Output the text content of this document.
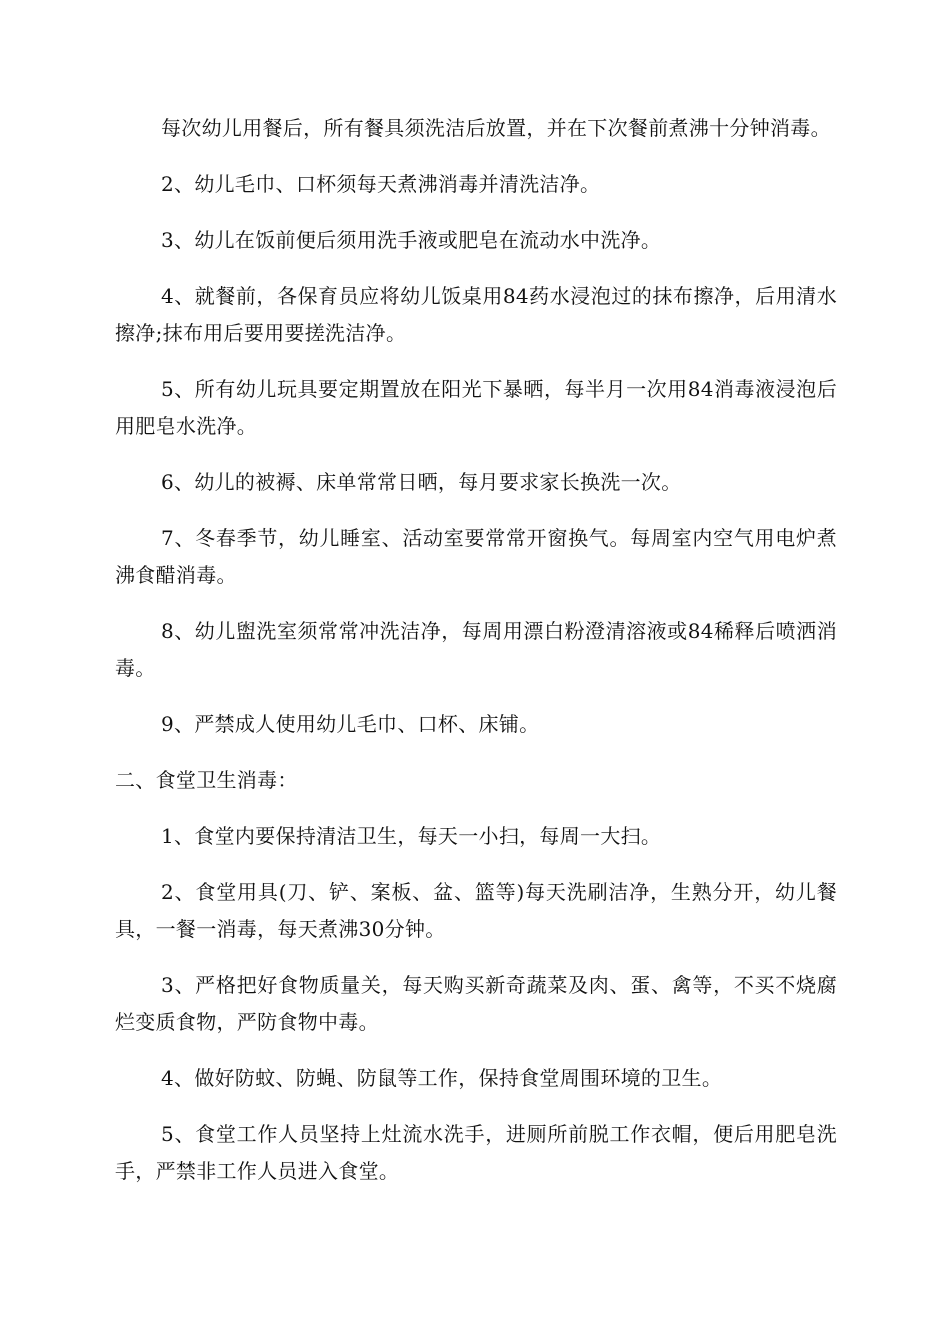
每次幼儿用餐后，所有餐具须洗洁后放置，并在下次餐前煮沸十分钟消毒。

2、幼儿毛巾、口杯须每天煮沸消毒并清洗洁净。

3、幼儿在饭前便后须用洗手液或肥皂在流动水中洗净。

4、就餐前，各保育员应将幼儿饭桌用84药水浸泡过的抹布擦净，后用清水擦净;抹布用后要用要搓洗洁净。

5、所有幼儿玩具要定期置放在阳光下暴晒，每半月一次用84消毒液浸泡后用肥皂水洗净。

6、幼儿的被褥、床单常常日晒，每月要求家长换洗一次。

7、冬春季节，幼儿睡室、活动室要常常开窗换气。每周室内空气用电炉煮沸食醋消毒。

8、幼儿盥洗室须常常冲洗洁净，每周用漂白粉澄清溶液或84稀释后喷洒消毒。

9、严禁成人使用幼儿毛巾、口杯、床铺。

二、食堂卫生消毒：

1、食堂内要保持清洁卫生，每天一小扫，每周一大扫。

2、食堂用具(刀、铲、案板、盆、篮等)每天洗刷洁净，生熟分开，幼儿餐具，一餐一消毒，每天煮沸30分钟。

3、严格把好食物质量关，每天购买新奇蔬菜及肉、蛋、禽等，不买不烧腐烂变质食物，严防食物中毒。

4、做好防蚊、防蝇、防鼠等工作，保持食堂周围环境的卫生。

5、食堂工作人员坚持上灶流水洗手，进厕所前脱工作衣帽，便后用肥皂洗手，严禁非工作人员进入食堂。
